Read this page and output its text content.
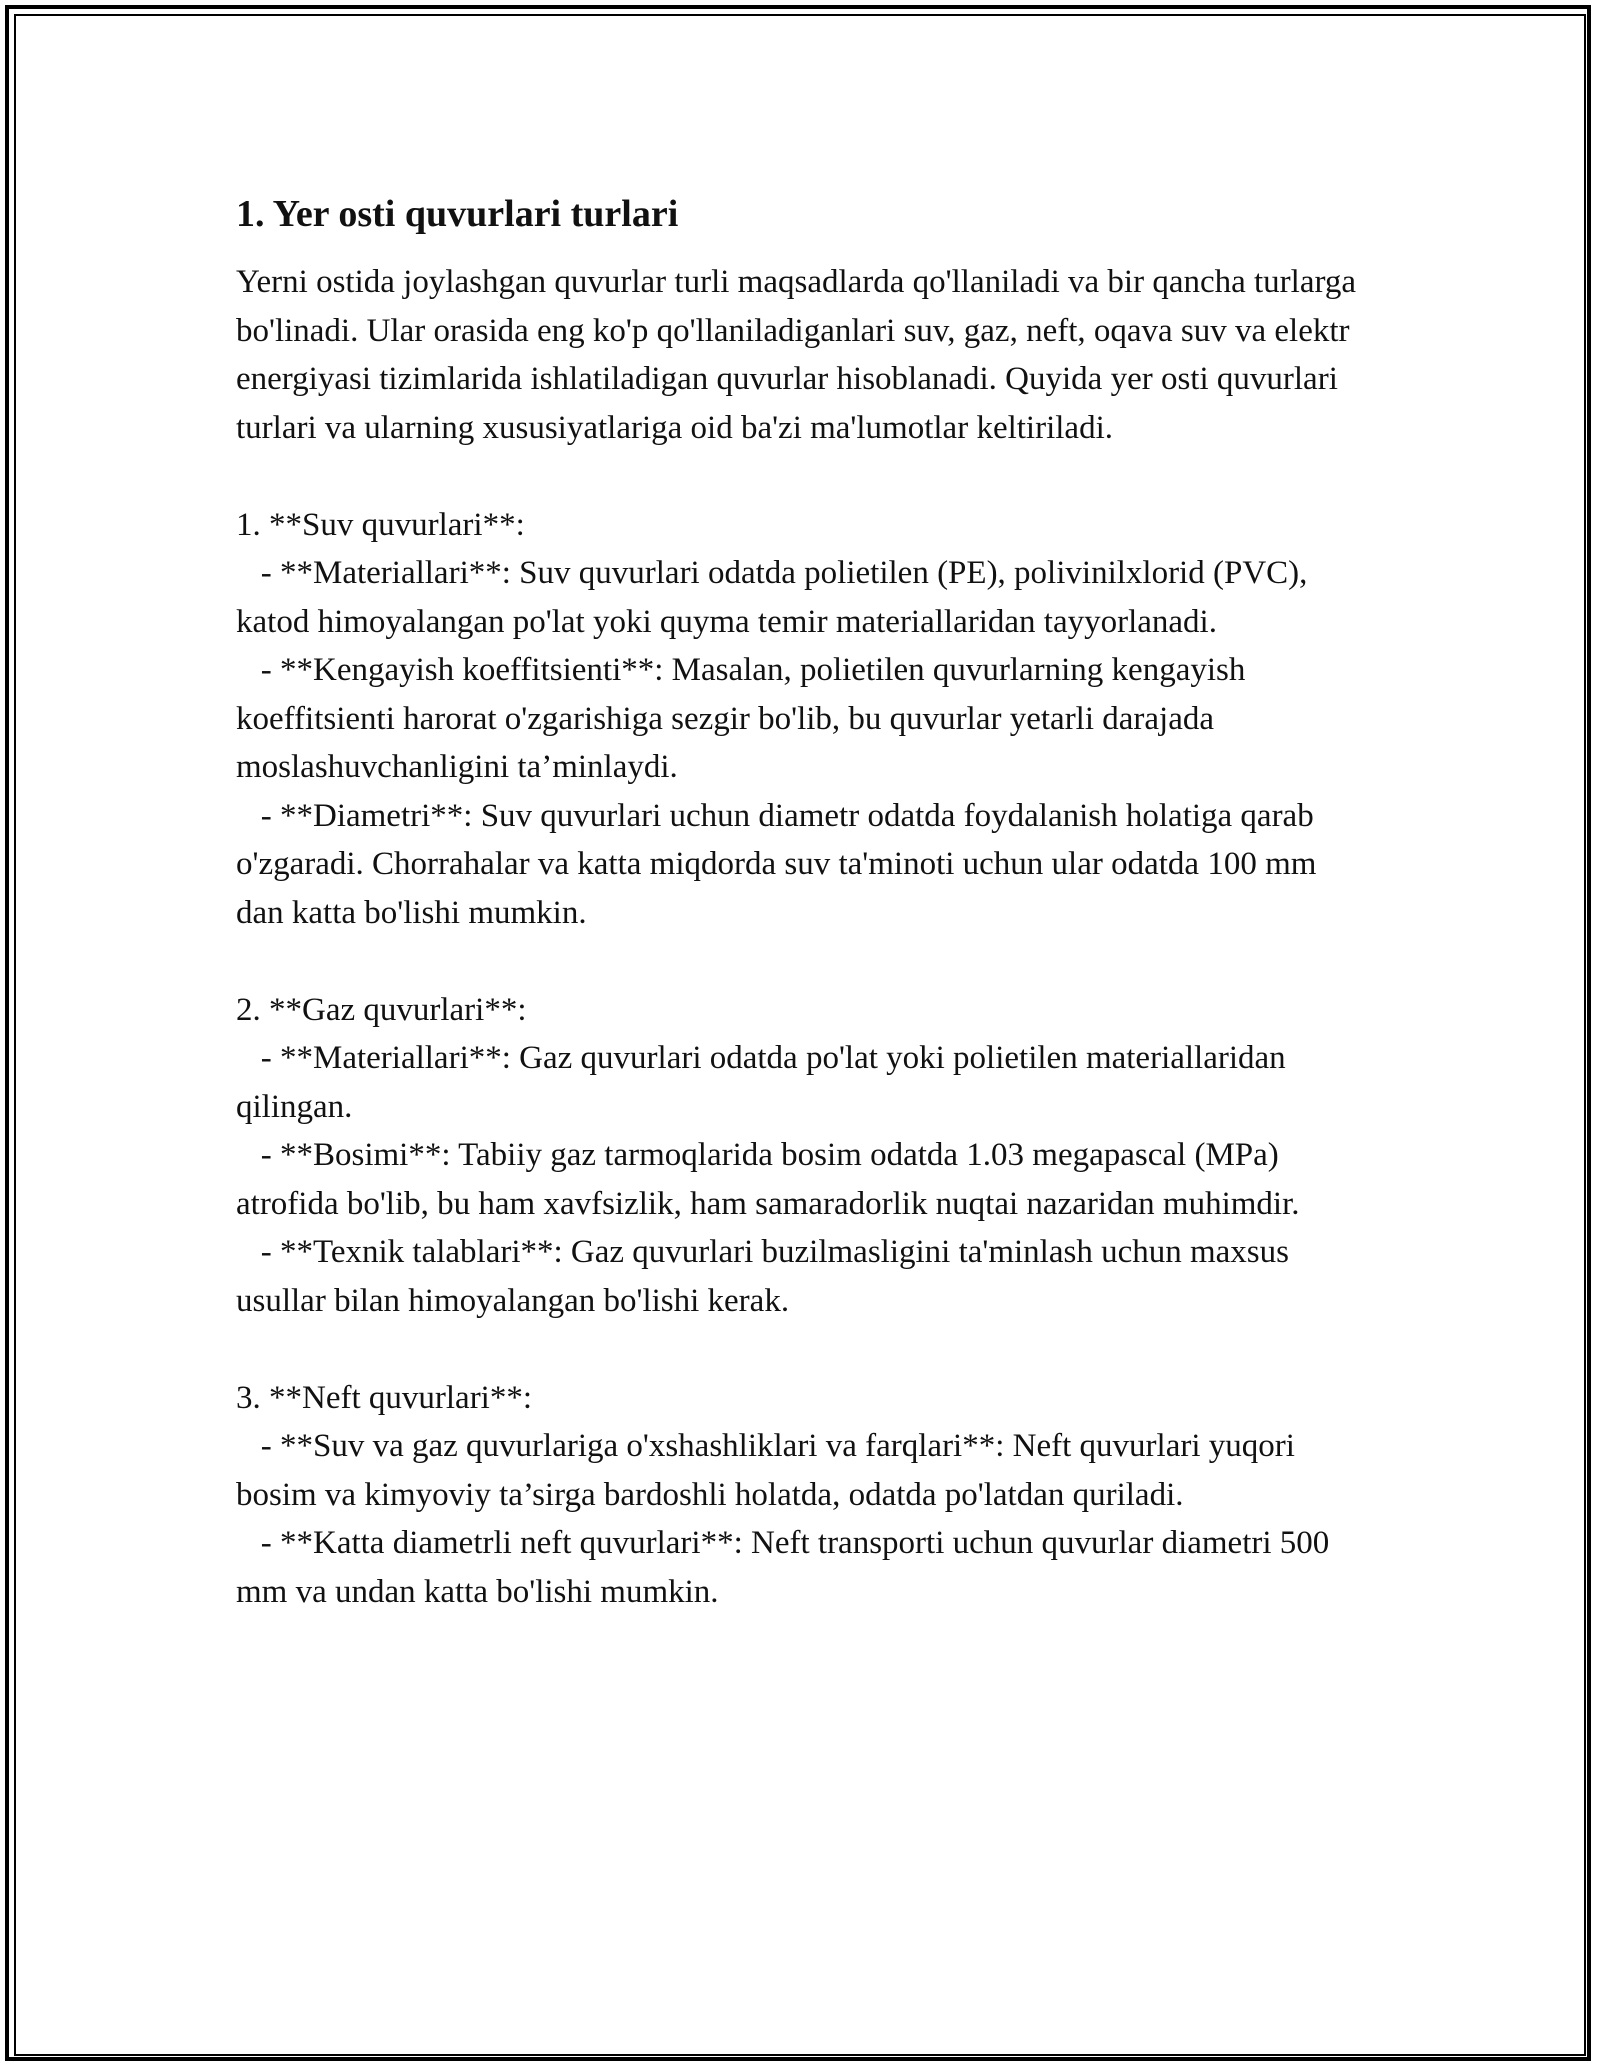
1. Yer osti quvurlari turlari

Yerni ostida joylashgan quvurlar turli maqsadlarda qo'llaniladi va bir qancha turlarga bo'linadi. Ular orasida eng ko'p qo'llaniladiganlari suv, gaz, neft, oqava suv va elektr energiyasi tizimlarida ishlatiladigan quvurlar hisoblanadi. Quyida yer osti quvurlari turlari va ularning xususiyatlariga oid ba'zi ma'lumotlar keltiriladi.

1. **Suv quvurlari**:

- **Materiallari**: Suv quvurlari odatda polietilen (PE), polivinilxlorid (PVC), katod himoyalangan po'lat yoki quyma temir materiallaridan tayyorlanadi.

- **Kengayish koeffitsienti**: Masalan, polietilen quvurlarning kengayish koeffitsienti harorat o'zgarishiga sezgir bo'lib, bu quvurlar yetarli darajada moslashuvchanligini ta’minlaydi.

- **Diametri**: Suv quvurlari uchun diametr odatda foydalanish holatiga qarab o'zgaradi. Chorrahalar va katta miqdorda suv ta'minoti uchun ular odatda 100 mm dan katta bo'lishi mumkin.

2. **Gaz quvurlari**:

- **Materiallari**: Gaz quvurlari odatda po'lat yoki polietilen materiallaridan qilingan.

- **Bosimi**: Tabiiy gaz tarmoqlarida bosim odatda 1.03 megapascal (MPa) atrofida bo'lib, bu ham xavfsizlik, ham samaradorlik nuqtai nazaridan muhimdir.

- **Texnik talablari**: Gaz quvurlari buzilmasligini ta'minlash uchun maxsus usullar bilan himoyalangan bo'lishi kerak.

3. **Neft quvurlari**:

- **Suv va gaz quvurlariga o'xshashliklari va farqlari**: Neft quvurlari yuqori bosim va kimyoviy ta’sirga bardoshli holatda, odatda po'latdan quriladi.

- **Katta diametrli neft quvurlari**: Neft transporti uchun quvurlar diametri 500 mm va undan katta bo'lishi mumkin.
